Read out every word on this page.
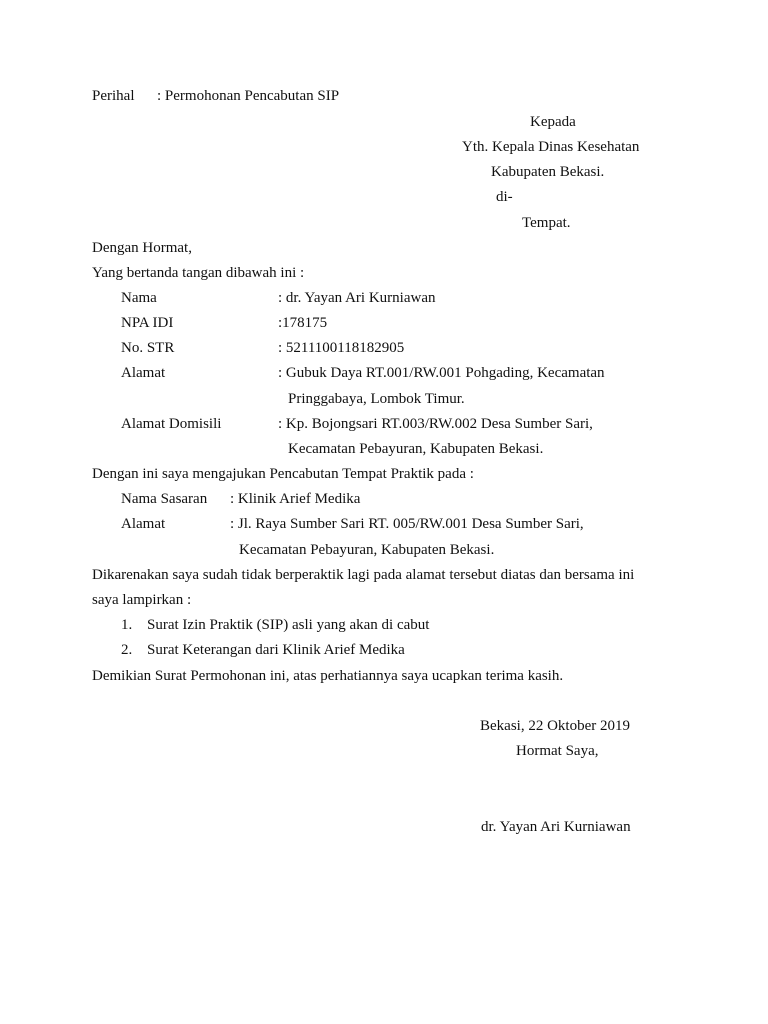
Perihal : Permohonan Pencabutan SIP
Kepada
Yth. Kepala Dinas Kesehatan
Kabupaten Bekasi.
di-
Tempat.
Dengan Hormat,
Yang bertanda tangan dibawah ini :
Nama	: dr. Yayan Ari Kurniawan
NPA IDI	:178175
No. STR	: 5211100118182905
Alamat	: Gubuk Daya RT.001/RW.001 Pohgading, Kecamatan
Pringgabaya, Lombok Timur.
Alamat Domisili	: Kp. Bojongsari RT.003/RW.002 Desa Sumber Sari,
Kecamatan Pebayuran, Kabupaten Bekasi.
Dengan ini saya mengajukan Pencabutan Tempat Praktik pada :
Nama Sasaran : Klinik Arief Medika
Alamat	: Jl. Raya Sumber Sari RT. 005/RW.001 Desa Sumber Sari,
Kecamatan Pebayuran, Kabupaten Bekasi.
Dikarenakan saya sudah tidak berperaktik lagi pada alamat tersebut diatas dan bersama ini
saya lampirkan :
1. Surat Izin Praktik (SIP) asli yang akan di cabut
2. Surat Keterangan dari Klinik Arief Medika
Demikian Surat Permohonan ini, atas perhatiannya saya ucapkan terima kasih.
Bekasi, 22 Oktober 2019
Hormat Saya,
dr. Yayan Ari Kurniawan
